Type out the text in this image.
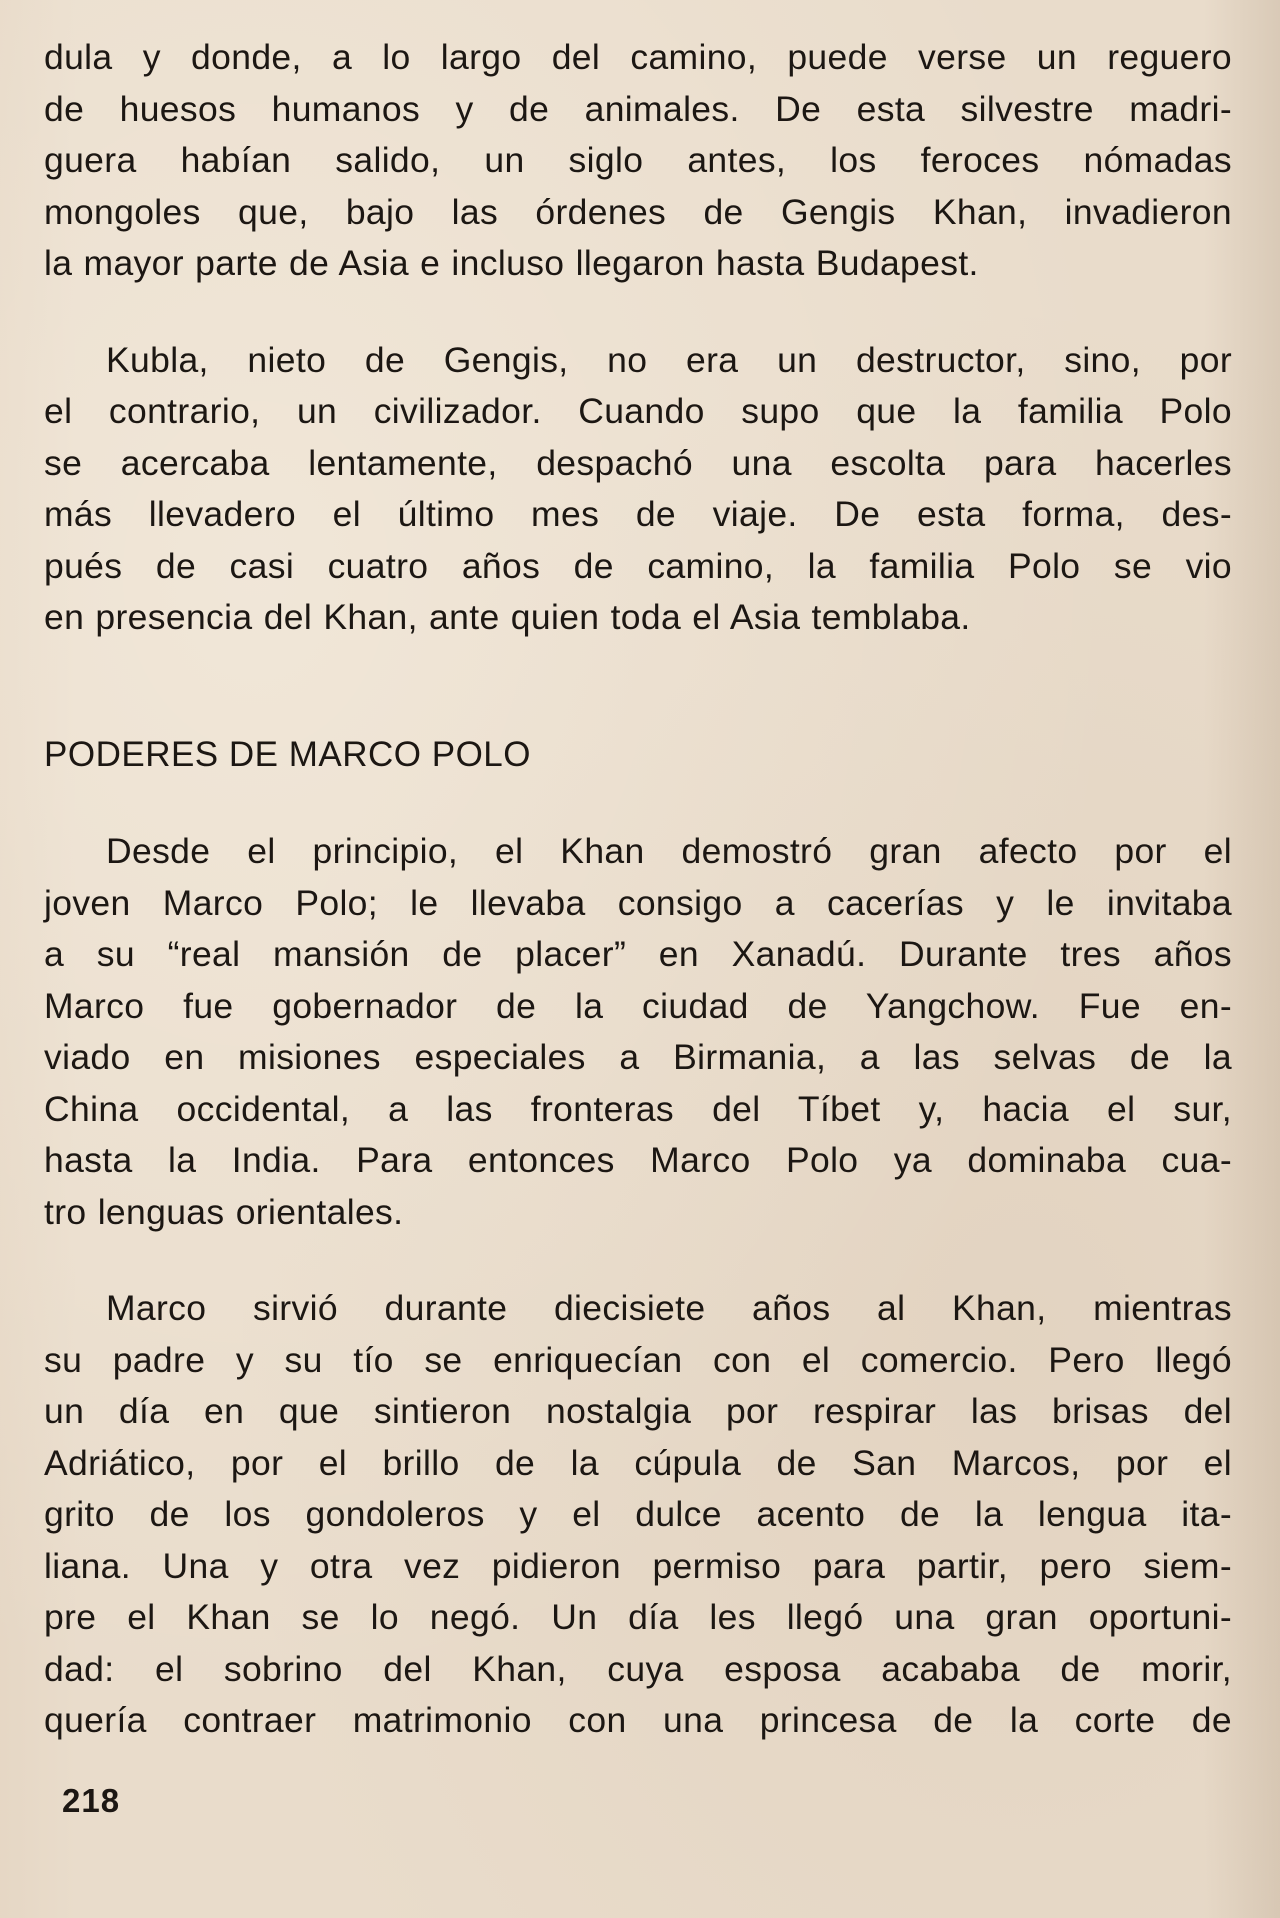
dula y donde, a lo largo del camino, puede verse un reguero
de huesos humanos y de animales. De esta silvestre madri-
guera habían salido, un siglo antes, los feroces nómadas
mongoles que, bajo las órdenes de Gengis Khan, invadieron
la mayor parte de Asia e incluso llegaron hasta Budapest.
Kubla, nieto de Gengis, no era un destructor, sino, por
el contrario, un civilizador. Cuando supo que la familia Polo
se acercaba lentamente, despachó una escolta para hacerles
más llevadero el último mes de viaje. De esta forma, des-
pués de casi cuatro años de camino, la familia Polo se vio
en presencia del Khan, ante quien toda el Asia temblaba.
PODERES DE MARCO POLO
Desde el principio, el Khan demostró gran afecto por el
joven Marco Polo; le llevaba consigo a cacerías y le invitaba
a su “real mansión de placer” en Xanadú. Durante tres años
Marco fue gobernador de la ciudad de Yangchow. Fue en-
viado en misiones especiales a Birmania, a las selvas de la
China occidental, a las fronteras del Tíbet y, hacia el sur,
hasta la India. Para entonces Marco Polo ya dominaba cua-
tro lenguas orientales.
Marco sirvió durante diecisiete años al Khan, mientras
su padre y su tío se enriquecían con el comercio. Pero llegó
un día en que sintieron nostalgia por respirar las brisas del
Adriático, por el brillo de la cúpula de San Marcos, por el
grito de los gondoleros y el dulce acento de la lengua ita-
liana. Una y otra vez pidieron permiso para partir, pero siem-
pre el Khan se lo negó. Un día les llegó una gran oportuni-
dad: el sobrino del Khan, cuya esposa acababa de morir,
quería contraer matrimonio con una princesa de la corte de
218
